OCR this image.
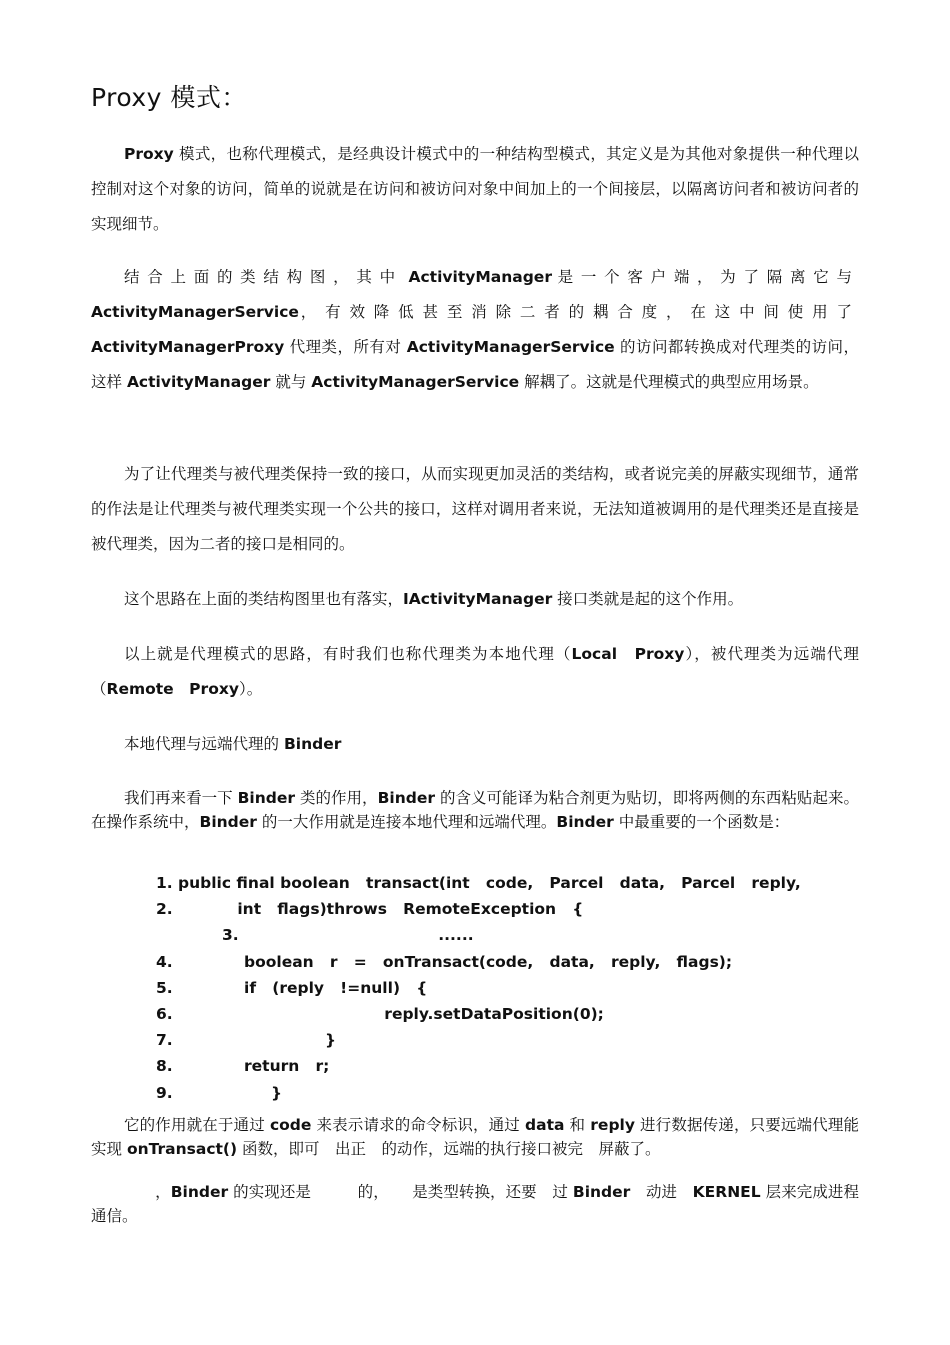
Proxy 模式：

Proxy 模式，也称代理模式，是经典设计模式中的一种结构型模式，其定义是为其他对象提供一种代理以控制对这个对象的访问，简单的说就是在访问和被访问对象中间加上的一个间接层，以隔离访问者和被访问者的实现细节。

结合上面的类结构图，其中 ActivityManager 是一个客户端，为了隔离它与ActivityManagerService，有效降低甚至消除二者的耦合度，在这中间使用了ActivityManagerProxy 代理类，所有对 ActivityManagerService 的访问都转换成对代理类的访问，这样 ActivityManager 就与 ActivityManagerService 解耦了。这就是代理模式的典型应用场景。

为了让代理类与被代理类保持一致的接口，从而实现更加灵活的类结构，或者说完美的屏蔽实现细节，通常的作法是让代理类与被代理类实现一个公共的接口，这样对调用者来说，无法知道被调用的是代理类还是直接是被代理类，因为二者的接口是相同的。

这个思路在上面的类结构图里也有落实，IActivityManager 接口类就是起的这个作用。

以上就是代理模式的思路，有时我们也称代理类为本地代理（Local　Proxy），被代理类为远端代理（Remote　Proxy）。

本地代理与远端代理的 Binder

我们再来看一下 Binder 类的作用，Binder 的含义可能译为粘合剂更为贴切，即将两侧的东西粘贴起来。在操作系统中，Binder 的一大作用就是连接本地代理和远端代理。Binder 中最重要的一个函数是：

1. public final boolean   transact(int   code,   Parcel   data,   Parcel   reply,
2.           int   flags)throws   RemoteException   {
3.                                    ......
4.	boolean   r   =   onTransact(code,   data,   reply,   flags);
5.	if   (reply   !=null)   {
6.	reply.setDataPosition(0);
7.	}
8.	return   r;
9.	}

它的作用就在于通过 code 来表示请求的命令标识，通过 data 和 reply 进行数据传递，只要远端代理能实现 onTransact() 函数，即可　出正　的动作，远端的执行接口被完　屏蔽了。

　　，Binder 的实现还是　　　的，　　是类型转换，还要　过 Binder　动进　KERNEL 层来完成进程通信。
